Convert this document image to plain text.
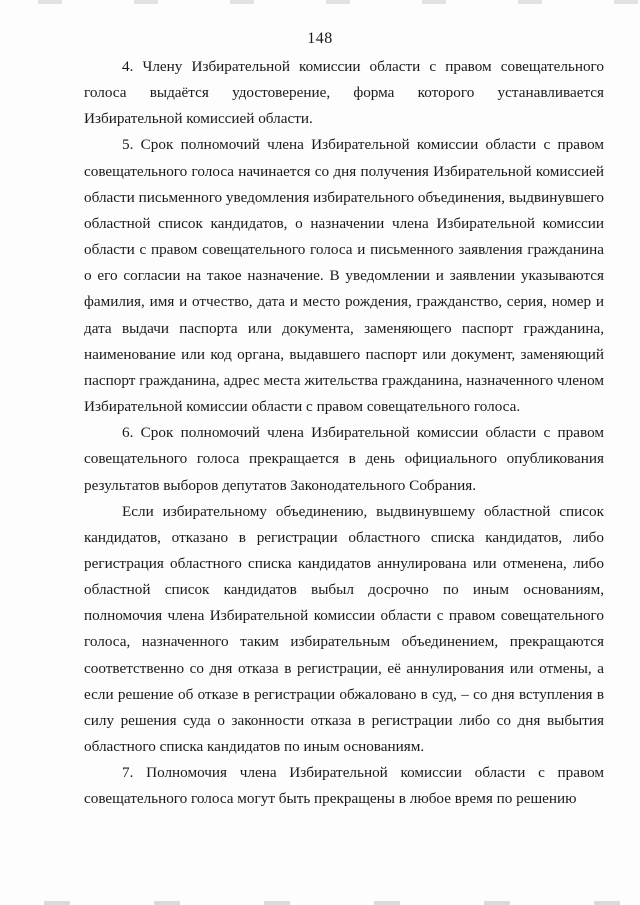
148

4. Члену Избирательной комиссии области с правом совещательного голоса выдаётся удостоверение, форма которого устанавливается Избирательной комиссией области.

5. Срок полномочий члена Избирательной комиссии области с правом совещательного голоса начинается со дня получения Избирательной комиссией области письменного уведомления избирательного объединения, выдвинувшего областной список кандидатов, о назначении члена Избирательной комиссии области с правом совещательного голоса и письменного заявления гражданина о его согласии на такое назначение. В уведомлении и заявлении указываются фамилия, имя и отчество, дата и место рождения, гражданство, серия, номер и дата выдачи паспорта или документа, заменяющего паспорт гражданина, наименование или код органа, выдавшего паспорт или документ, заменяющий паспорт гражданина, адрес места жительства гражданина, назначенного членом Избирательной комиссии области с правом совещательного голоса.

6. Срок полномочий члена Избирательной комиссии области с правом совещательного голоса прекращается в день официального опубликования результатов выборов депутатов Законодательного Собрания.

Если избирательному объединению, выдвинувшему областной список кандидатов, отказано в регистрации областного списка кандидатов, либо регистрация областного списка кандидатов аннулирована или отменена, либо областной список кандидатов выбыл досрочно по иным основаниям, полномочия члена Избирательной комиссии области с правом совещательного голоса, назначенного таким избирательным объединением, прекращаются соответственно со дня отказа в регистрации, её аннулирования или отмены, а если решение об отказе в регистрации обжаловано в суд, – со дня вступления в силу решения суда о законности отказа в регистрации либо со дня выбытия областного списка кандидатов по иным основаниям.

7. Полномочия члена Избирательной комиссии области с правом совещательного голоса могут быть прекращены в любое время по решению
